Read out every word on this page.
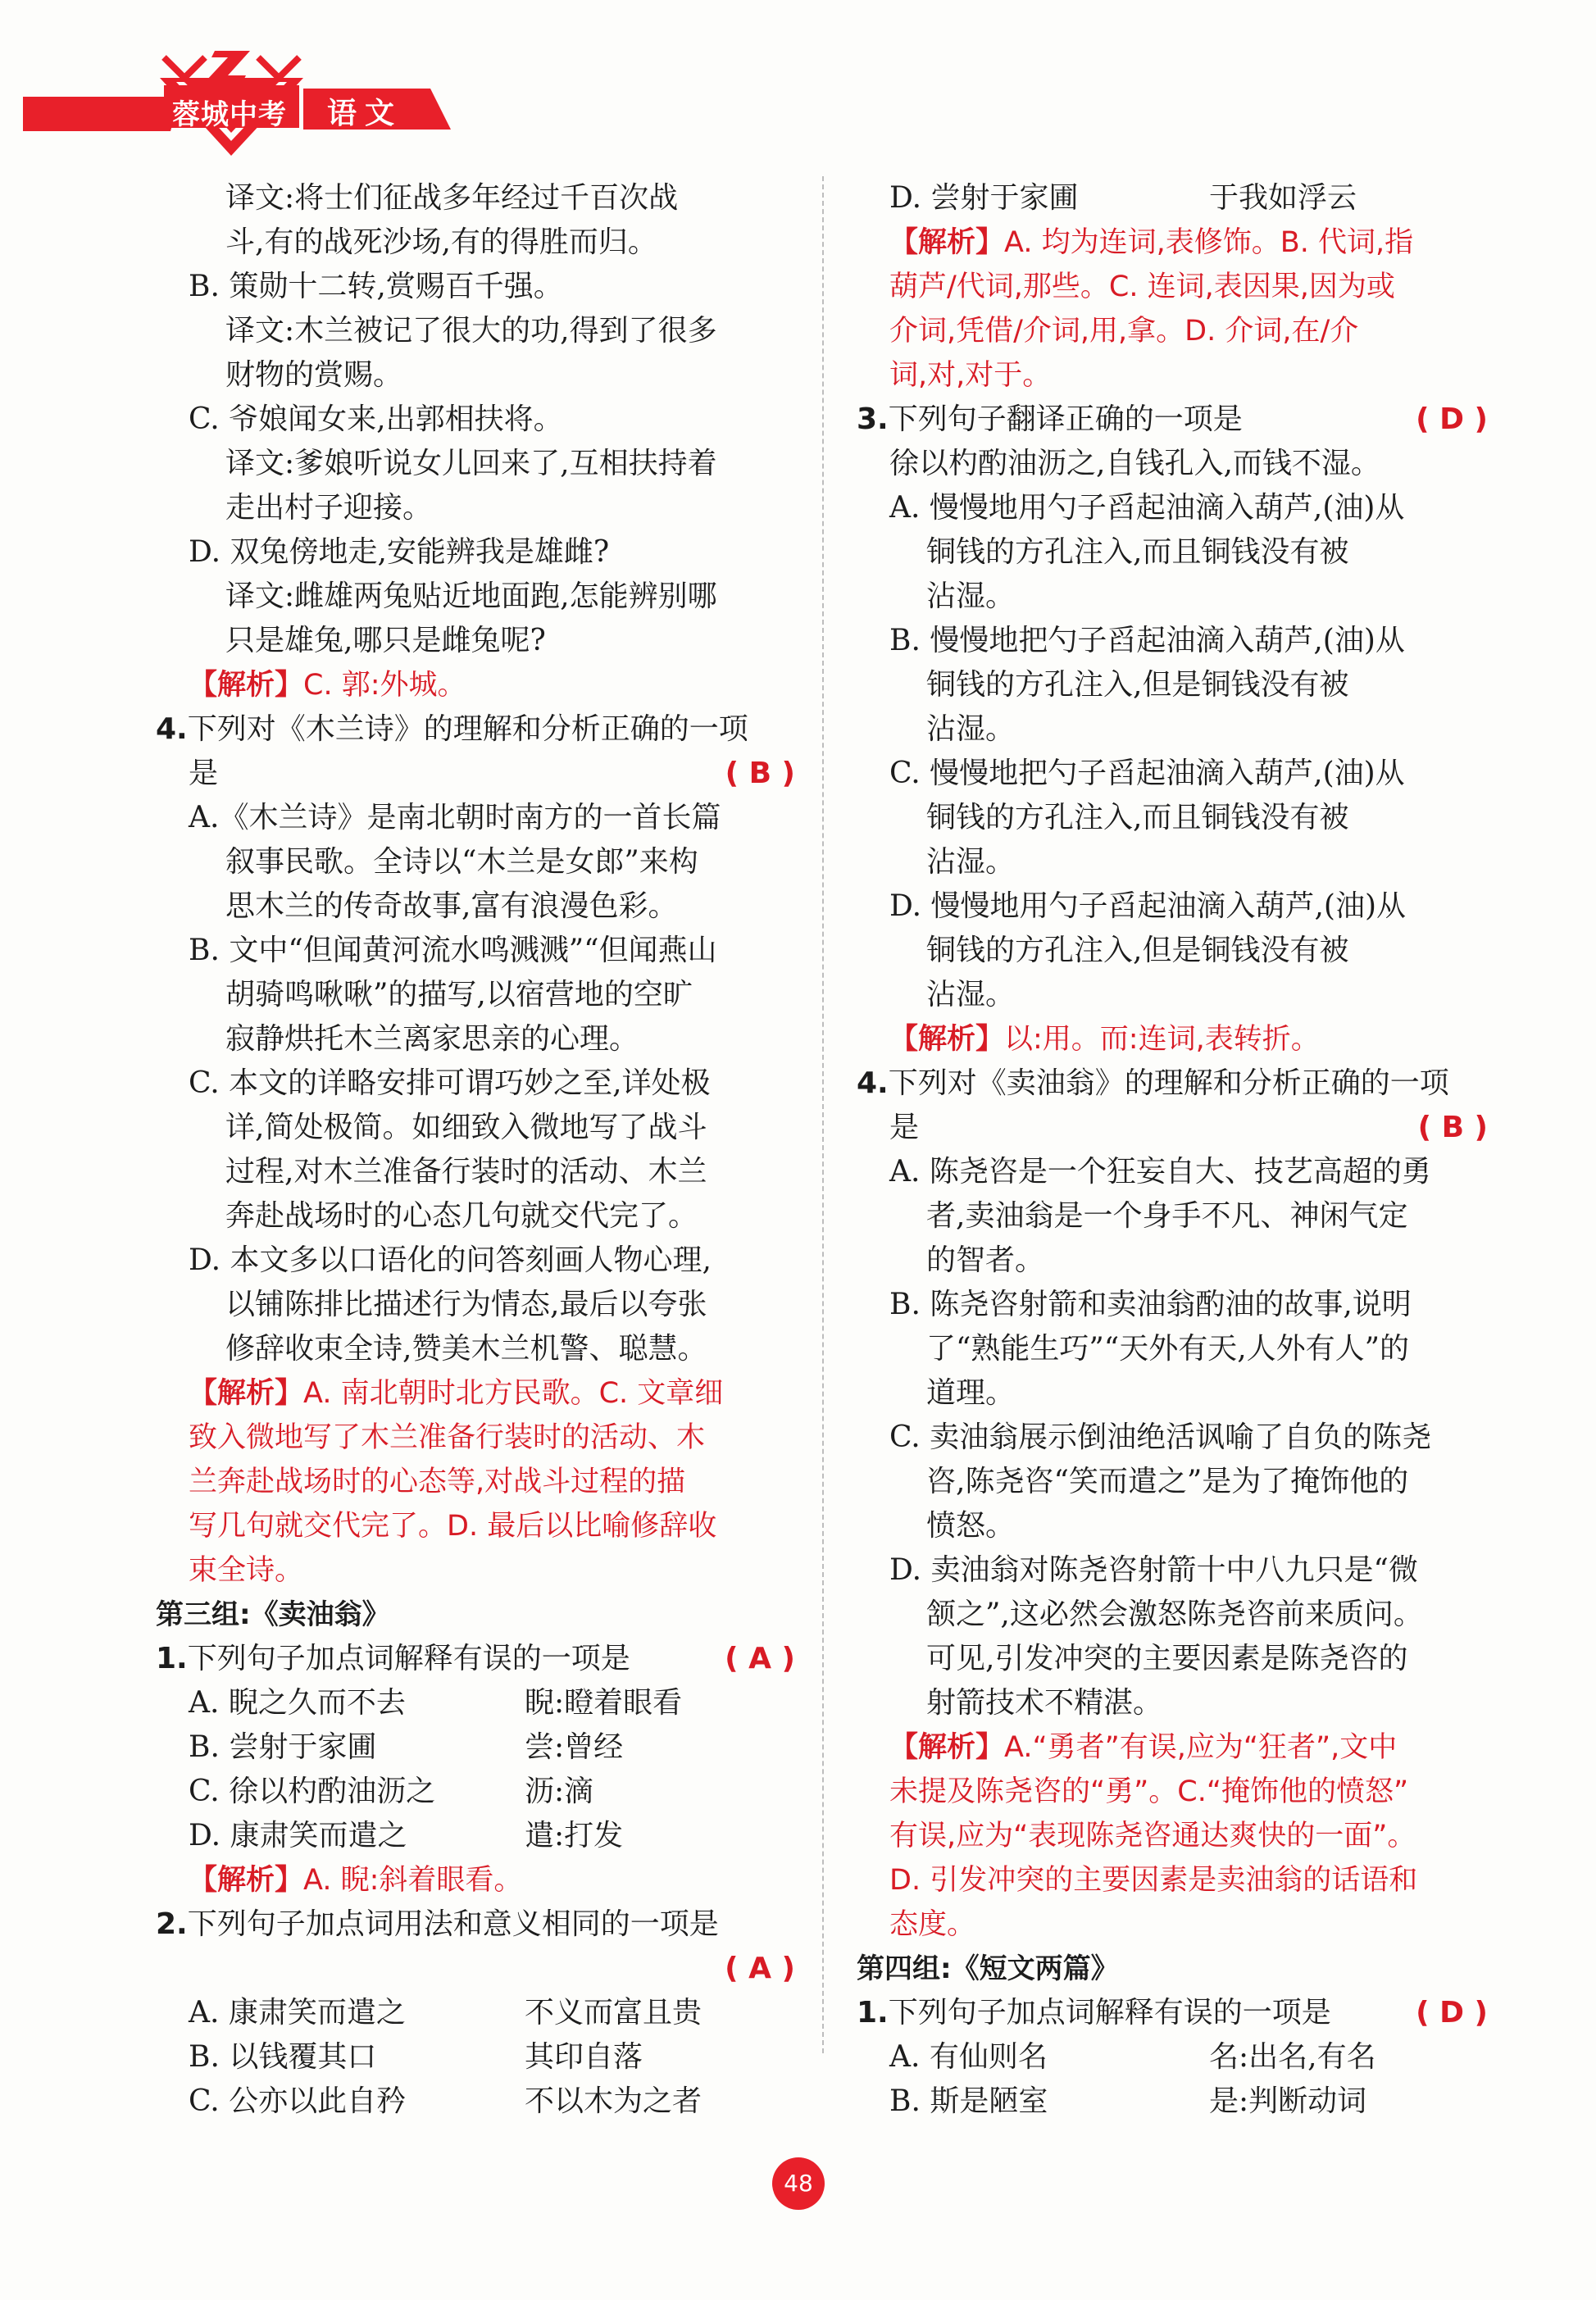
蓉城中考	语文
译文:将士们征战多年经过千百次战
斗,有的战死沙场,有的得胜而归。
B. 策勋十二转,赏赐百千强。
译文:木兰被记了很大的功,得到了很多
财物的赏赐。
C. 爷娘闻女来,出郭相扶将。
译文:爹娘听说女儿回来了,互相扶持着
走出村子迎接。
D. 双兔傍地走,安能辨我是雄雌?
译文:雌雄两兔贴近地面跑,怎能辨别哪
只是雄兔,哪只是雌兔呢?
【解析】C. 郭:外城。
4.下列对《木兰诗》的理解和分析正确的一项
( B )
是
A.《木兰诗》是南北朝时南方的一首长篇
叙事民歌。全诗以“木兰是女郎”来构
思木兰的传奇故事,富有浪漫色彩。
B. 文中“但闻黄河流水鸣溅溅”“但闻燕山
胡骑鸣啾啾”的描写,以宿营地的空旷
寂静烘托木兰离家思亲的心理。
C. 本文的详略安排可谓巧妙之至,详处极
详,简处极简。如细致入微地写了战斗
过程,对木兰准备行装时的活动、木兰
奔赴战场时的心态几句就交代完了。
D. 本文多以口语化的问答刻画人物心理,
以铺陈排比描述行为情态,最后以夸张
修辞收束全诗,赞美木兰机警、聪慧。
【解析】A. 南北朝时北方民歌。C. 文章细
致入微地写了木兰准备行装时的活动、木
兰奔赴战场时的心态等,对战斗过程的描
写几句就交代完了。D. 最后以比喻修辞收
束全诗。
第三组:《卖油翁》
( A )
1.下列句子加点词解释有误的一项是
A. 睨之久而不去	睨:瞪着眼看
B. 尝射于家圃	尝:曾经
C. 徐以杓酌油沥之	沥:滴
D. 康肃笑而遣之	遣:打发
【解析】A. 睨:斜着眼看。
2.下列句子加点词用法和意义相同的一项是
( A )
A. 康肃笑而遣之	不义而富且贵
B. 以钱覆其口	其印自落
C. 公亦以此自矜	不以木为之者
D. 尝射于家圃	于我如浮云
【解析】A. 均为连词,表修饰。B. 代词,指
葫芦/代词,那些。C. 连词,表因果,因为或
介词,凭借/介词,用,拿。D. 介词,在/介
词,对,对于。
( D )
3.下列句子翻译正确的一项是
徐以杓酌油沥之,自钱孔入,而钱不湿。
A. 慢慢地用勺子舀起油滴入葫芦,(油)从
铜钱的方孔注入,而且铜钱没有被
沾湿。
B. 慢慢地把勺子舀起油滴入葫芦,(油)从
铜钱的方孔注入,但是铜钱没有被
沾湿。
C. 慢慢地把勺子舀起油滴入葫芦,(油)从
铜钱的方孔注入,而且铜钱没有被
沾湿。
D. 慢慢地用勺子舀起油滴入葫芦,(油)从
铜钱的方孔注入,但是铜钱没有被
沾湿。
【解析】以:用。而:连词,表转折。
4.下列对《卖油翁》的理解和分析正确的一项
( B )
是
A. 陈尧咨是一个狂妄自大、技艺高超的勇
者,卖油翁是一个身手不凡、神闲气定
的智者。
B. 陈尧咨射箭和卖油翁酌油的故事,说明
了“熟能生巧”“天外有天,人外有人”的
道理。
C. 卖油翁展示倒油绝活讽喻了自负的陈尧
咨,陈尧咨“笑而遣之”是为了掩饰他的
愤怒。
D. 卖油翁对陈尧咨射箭十中八九只是“微
颔之”,这必然会激怒陈尧咨前来质问。
可见,引发冲突的主要因素是陈尧咨的
射箭技术不精湛。
【解析】A.“勇者”有误,应为“狂者”,文中
未提及陈尧咨的“勇”。C.“掩饰他的愤怒”
有误,应为“表现陈尧咨通达爽快的一面”。
D. 引发冲突的主要因素是卖油翁的话语和
态度。
第四组:《短文两篇》
( D )
1.下列句子加点词解释有误的一项是
A. 有仙则名	名:出名,有名
B. 斯是陋室	是:判断动词
48
